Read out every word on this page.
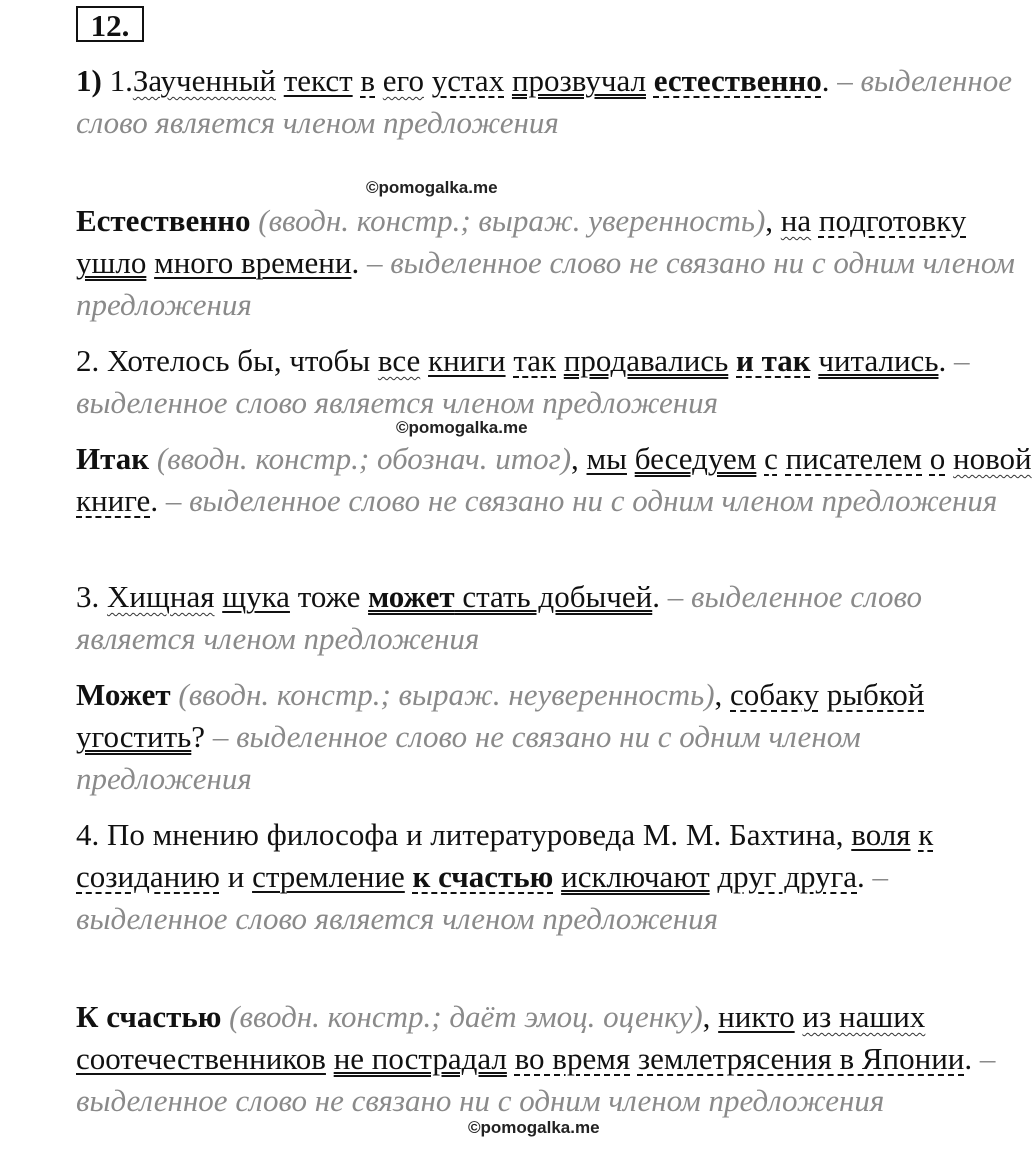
12.

1) 1.Заученный текст в его устах прозвучал естественно. – выделенное слово является членом предложения

Естественно (вводн. констр.; выраж. уверенность), на подготовку ушло много времени. – выделенное слово не связано ни с одним членом предложения

2. Хотелось бы, чтобы все книги так продавались и так читались. – выделенное слово является членом предложения

Итак (вводн. констр.; обознач. итог), мы беседуем с писателем о новой книге. – выделенное слово не связано ни с одним членом предложения

3. Хищная щука тоже может стать добычей. – выделенное слово является членом предложения

Может (вводн. констр.; выраж. неуверенность), собаку рыбкой угостить? – выделенное слово не связано ни с одним членом предложения

4. По мнению философа и литературоведа М. М. Бахтина, воля к созиданию и стремление к счастью исключают друг друга. – выделенное слово является членом предложения

К счастью (вводн. констр.; даёт эмоц. оценку), никто из наших соотечественников не пострадал во время землетрясения в Японии. – выделенное слово не связано ни с одним членом предложения

©pomogalka.me
©pomogalka.me
©pomogalka.me
